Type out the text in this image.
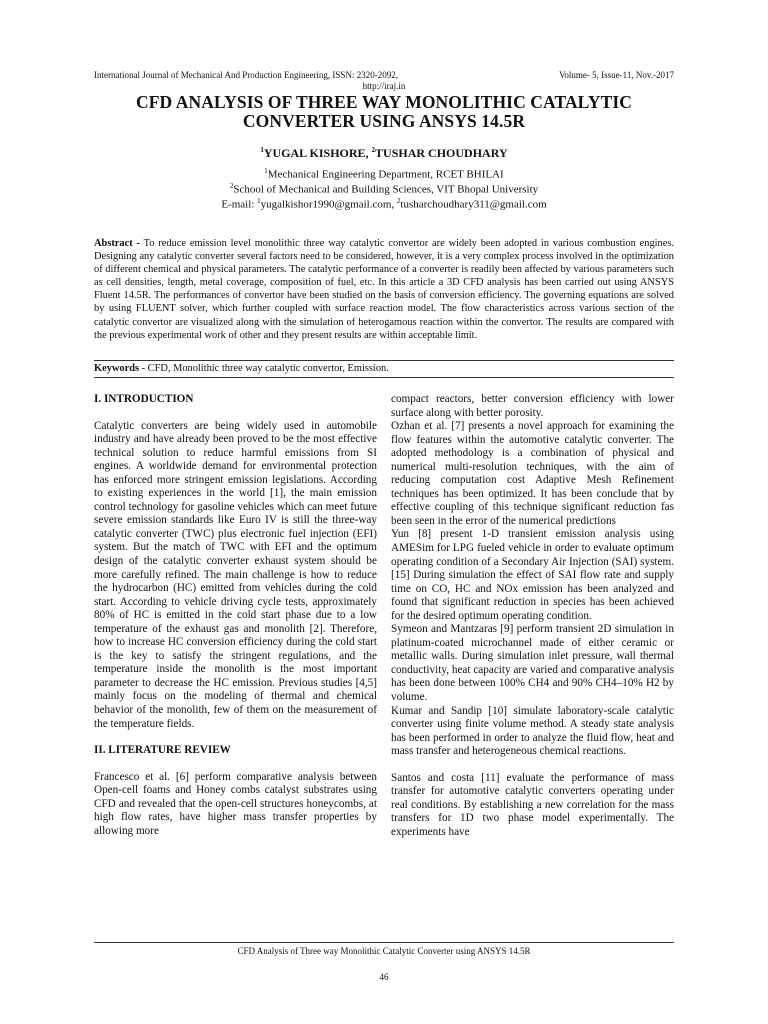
International Journal of Mechanical And Production Engineering, ISSN: 2320-2092,	Volume- 5, Issue-11, Nov.-2017
http://iraj.in
CFD ANALYSIS OF THREE WAY MONOLITHIC CATALYTIC CONVERTER USING ANSYS 14.5R
$^1$YUGAL KISHORE, $^2$TUSHAR CHOUDHARY
$^1$Mechanical Engineering Department, RCET BHILAI
$^2$School of Mechanical and Building Sciences, VIT Bhopal University
E-mail: $^1$yugalkishor1990@gmail.com, $^2$tusharchoudhary311@gmail.com
Abstract - To reduce emission level monolithic three way catalytic convertor are widely been adopted in various combustion engines. Designing any catalytic converter several factors need to be considered, however, it is a very complex process involved in the optimization of different chemical and physical parameters. The catalytic performance of a converter is readily been affected by various parameters such as cell densities, length, metal coverage, composition of fuel, etc. In this article a 3D CFD analysis has been carried out using ANSYS Fluent 14.5R. The performances of convertor have been studied on the basis of conversion efficiency. The governing equations are solved by using FLUENT solver, which further coupled with surface reaction model. The flow characteristics across various section of the catalytic convertor are visualized along with the simulation of heterogamous reaction within the convertor. The results are compared with the previous experimental work of other and they present results are within acceptable limit.
Keywords - CFD, Monolithic three way catalytic convertor, Emission.

I. INTRODUCTION

Catalytic converters are being widely used in automobile industry and have already been proved to be the most effective technical solution to reduce harmful emissions from SI engines. A worldwide demand for environmental protection has enforced more stringent emission legislations. According to existing experiences in the world [1], the main emission control technology for gasoline vehicles which can meet future severe emission standards like Euro IV is still the three-way catalytic converter (TWC) plus electronic fuel injection (EFI) system. But the match of TWC with EFI and the optimum design of the catalytic converter exhaust system should be more carefully refined. The main challenge is how to reduce the hydrocarbon (HC) emitted from vehicles during the cold start. According to vehicle driving cycle tests, approximately 80% of HC is emitted in the cold start phase due to a low temperature of the exhaust gas and monolith [2]. Therefore, how to increase HC conversion efficiency during the cold start is the key to satisfy the stringent regulations, and the temperature inside the monolith is the most important parameter to decrease the HC emission. Previous studies [4,5] mainly focus on the modeling of thermal and chemical behavior of the monolith, few of them on the measurement of the temperature fields.

II. LITERATURE REVIEW

Francesco et al. [6] perform comparative analysis between Open-cell foams and Honey combs catalyst substrates using CFD and revealed that the open-cell structures honeycombs, at high flow rates, have higher mass transfer properties by allowing more

compact reactors, better conversion efficiency with lower surface along with better porosity.

Ozhan et al. [7] presents a novel approach for examining the flow features within the automotive catalytic converter. The adopted methodology is a combination of physical and numerical multi-resolution techniques, with the aim of reducing computation cost Adaptive Mesh Refinement techniques has been optimized. It has been conclude that by effective coupling of this technique significant reduction fas been seen in the error of the numerical predictions

Yun [8] present 1-D transient emission analysis using AMESim for LPG fueled vehicle in order to evaluate optimum operating condition of a Secondary Air Injection (SAI) system. [15] During simulation the effect of SAI flow rate and supply time on CO, HC and NOx emission has been analyzed and found that significant reduction in species has been achieved for the desired optimum operating condition.

Symeon and Mantzaras [9] perform transient 2D simulation in platinum-coated microchannel made of either ceramic or metallic walls. During simulation inlet pressure, wall thermal conductivity, heat capacity are varied and comparative analysis has been done between 100% CH4 and 90% CH4–10% H2 by volume.

Kumar and Sandip [10] simulate laboratory-scale catalytic converter using finite volume method. A steady state analysis has been performed in order to analyze the fluid flow, heat and mass transfer and heterogeneous chemical reactions.

Santos and costa [11] evaluate the performance of mass transfer for automotive catalytic converters operating under real conditions. By establishing a new correlation for the mass transfers for 1D two phase model experimentally. The experiments have

CFD Analysis of Three way Monolithic Catalytic Converter using ANSYS 14.5R
46
